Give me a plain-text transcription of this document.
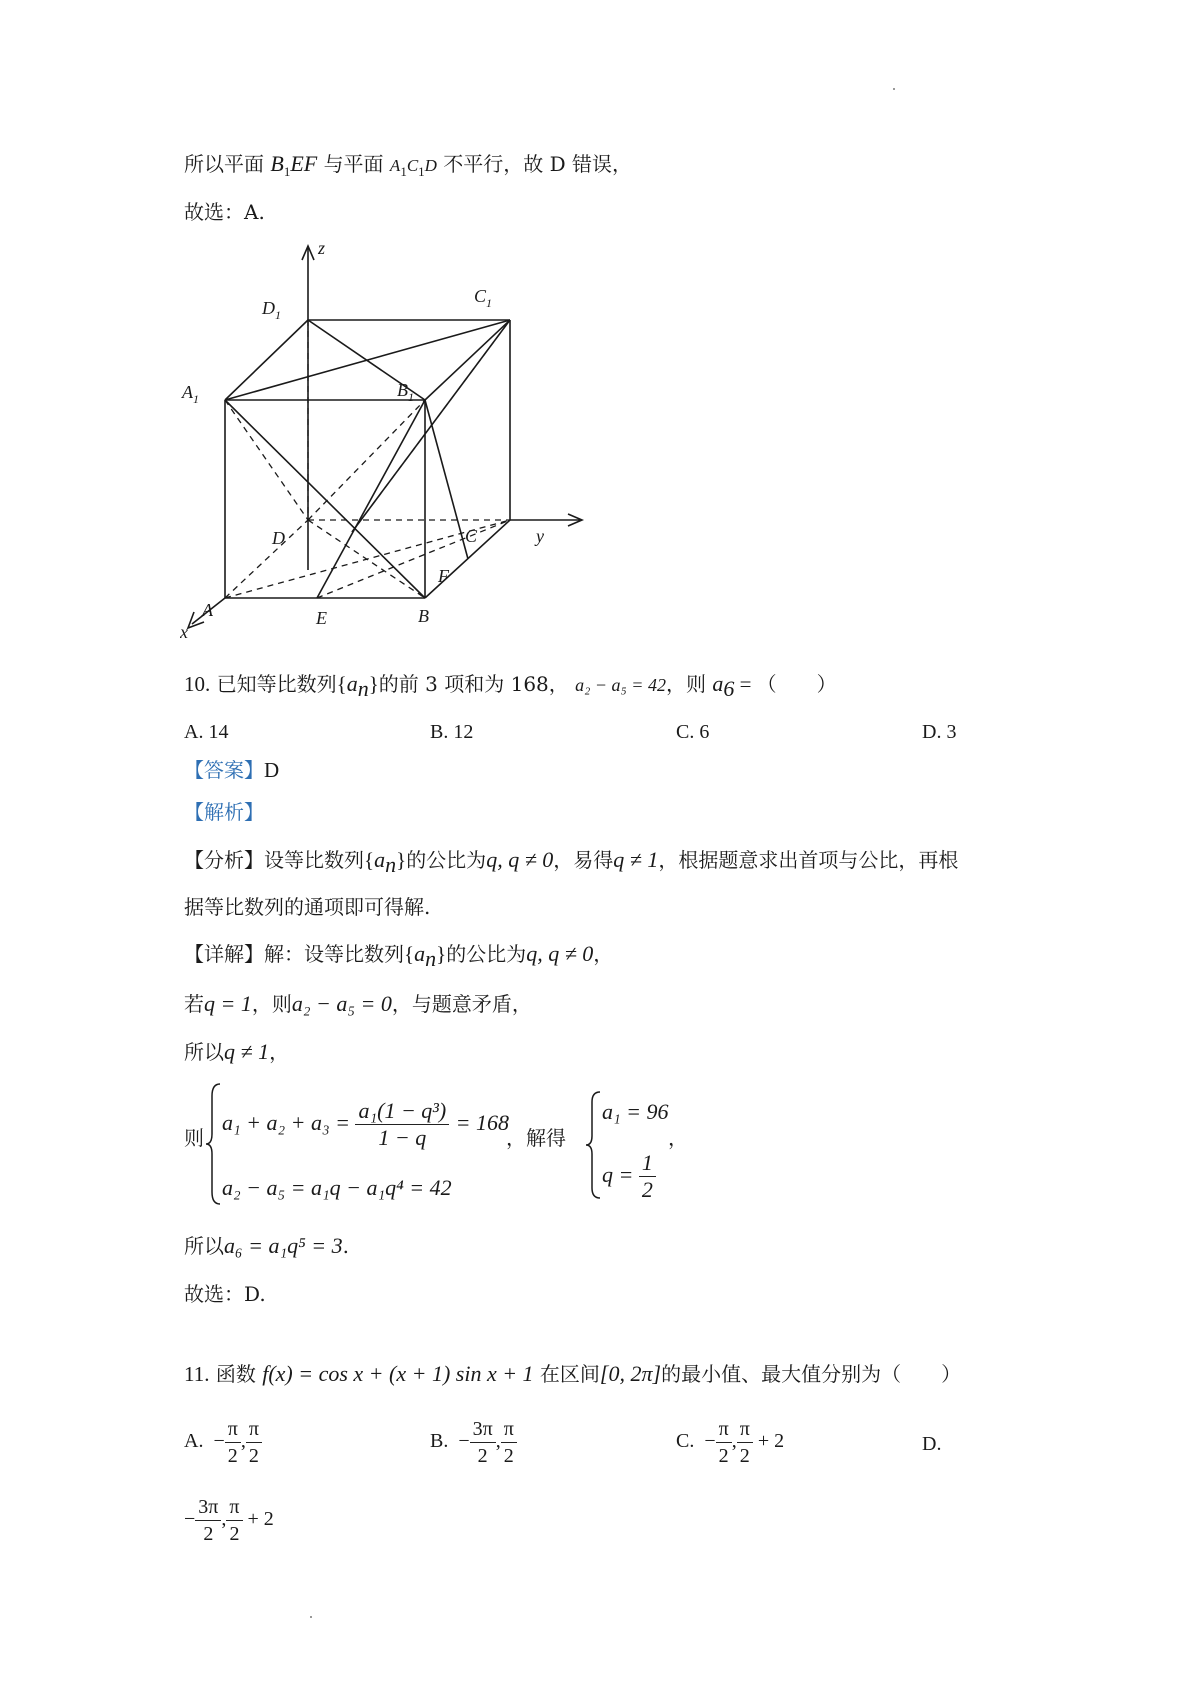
所以平面 $B_1EF$ 与平面 $A_1C_1D$ 不平行，故 D 错误，
故选：A.
z
y
x
$D_1$
$C_1$
$A_1$	$B_1$
D	C
F
A	E	B
10. 已知等比数列$\{a_n\}$的前 3 项和为 168， a₂ − a₅ = 42，则 $a_6$ = （　　）
A. 14	B. 12	C. 6	D. 3
【答案】D
【解析】
【分析】设等比数列$\{a_n\}$的公比为q, q ≠ 0，易得q ≠ 1，根据题意求出首项与公比，再根
据等比数列的通项即可得解.
【详解】解：设等比数列$\{a_n\}$的公比为q, q ≠ 0，
若q = 1，则a₂ − a₅ = 0，与题意矛盾，
所以q ≠ 1，
则
$a_1 + a_2 + a_3 = \frac{\text{a₁(1 − q³)}}{1 - q} = 168$
a₂ − a₅ = a₁q − a₁q⁴ = 42
，解得
a₁ = 96
$q = \frac{1}{2}$
，
所以a₆ = a₁q⁵ = 3.
故选：D.
11. 函数 f(x) = cos x + (x + 1) sin x + 1 在区间[0, 2π]的最小值、最大值分别为（　　）
A.  − $\frac{\pi}{2}$ , $\frac{\pi}{2}$	B.  − $\frac{3\pi}{2}$ , $\frac{\pi}{2}$	C.  − $\frac{\pi}{2}$ , $\frac{\pi}{2} + 2$	D.
− $\frac{3\pi}{2}$ , $\frac{\pi}{2} + 2$
